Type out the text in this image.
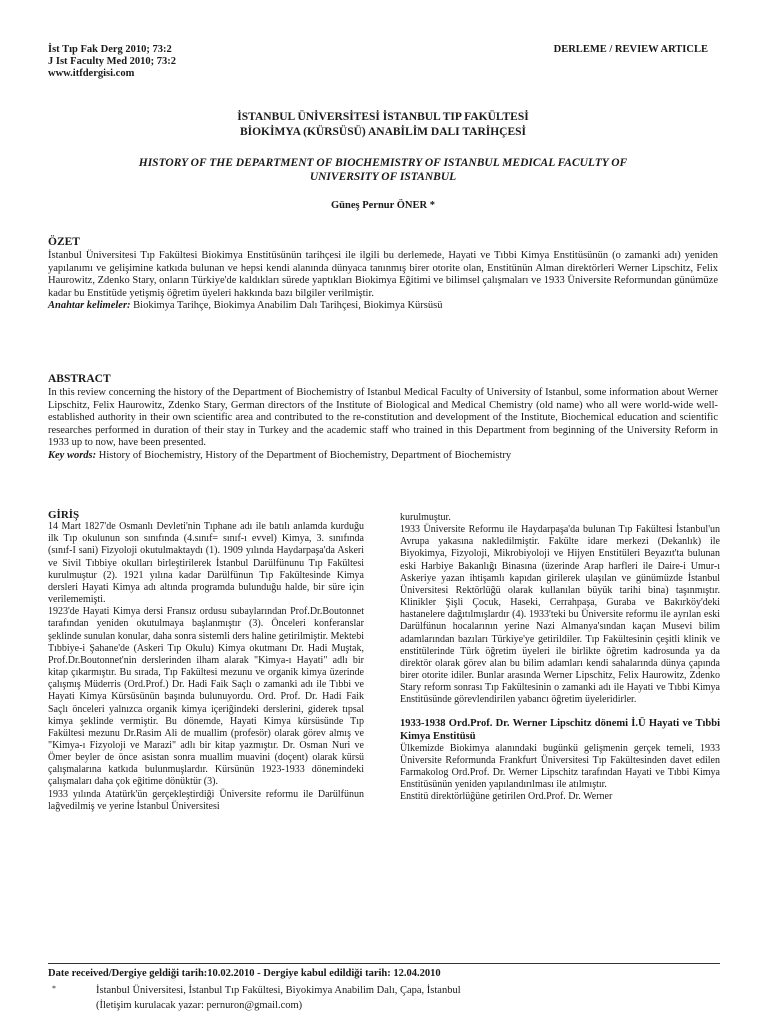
İst Tıp Fak Derg 2010; 73:2
J Ist Faculty Med 2010; 73:2
www.itfdergisi.com
DERLEME / REVIEW ARTICLE
İSTANBUL ÜNİVERSİTESİ İSTANBUL TIP FAKÜLTESİ
BİOKİMYA (KÜRSÜSÜ) ANABİLİM DALI TARİHÇESİ
HISTORY OF THE DEPARTMENT OF BIOCHEMISTRY OF ISTANBUL MEDICAL FACULTY OF
UNIVERSITY OF ISTANBUL
Güneş Pernur ÖNER *
ÖZET

İstanbul Üniversitesi Tıp Fakültesi Biokimya Enstitüsünün tarihçesi ile ilgili bu derlemede, Hayati ve Tıbbi Kimya Enstitüsünün (o zamanki adı) yeniden yapılanımı ve gelişimine katkıda bulunan ve hepsi kendi alanında dünyaca tanınmış birer otorite olan, Enstitünün Alman direktörleri Werner Lipschitz, Felix Haurowitz, Zdenko Stary, onların Türkiye'de kaldıkları sürede yaptıkları Biokimya Eğitimi ve bilimsel çalışmaları ve 1933 Üniversite Reformundan günümüze kadar bu Enstitüde yetişmiş öğretim üyeleri hakkında bazı bilgiler verilmiştir.

Anahtar kelimeler: Biokimya Tarihçe, Biokimya Anabilim Dalı Tarihçesi, Biokimya Kürsüsü

ABSTRACT

In this review concerning the history of the Department of Biochemistry of Istanbul Medical Faculty of University of Istanbul, some information about Werner Lipschitz, Felix Haurowitz, Zdenko Stary, German directors of the Institute of Biological and Medical Chemistry (old name) who all were world-wide well-established authority in their own scientific area and contributed to the re-constitution and development of the Institute, Biochemical education and scientific researches performed in duration of their stay in Turkey and the academic staff who trained in this Department from beginning of the University Reform in 1933 up to now, have been presented.

Key words: History of Biochemistry, History of the Department of Biochemistry, Department of Biochemistry

GİRİŞ

14 Mart 1827'de Osmanlı Devleti'nin Tıphane adı ile batılı anlamda kurduğu ilk Tıp okulunun son sınıfında (4.sınıf= sınıf-ı evvel) Kimya, 3. sınıfında (sınıf-I sani) Fizyoloji okutulmaktaydı (1). 1909 yılında Haydarpaşa'da Askeri ve Sivil Tıbbiye okulları birleştirilerek İstanbul Darülfünunu Tıp Fakültesi kurulmuştur (2). 1921 yılına kadar Darülfünun Tıp Fakültesinde Kimya dersleri Hayati Kimya adı altında programda bulunduğu halde, bir süre için verilememişti.

1923'de Hayati Kimya dersi Fransız ordusu subaylarından Prof.Dr.Boutonnet tarafından yeniden okutulmaya başlanmıştır (3). Önceleri konferanslar şeklinde sunulan konular, daha sonra sistemli ders haline getirilmiştir. Mektebi Tıbbiye-i Şahane'de (Askeri Tıp Okulu) Kimya okutmanı Dr. Hadi Muştak, Prof.Dr.Boutonnet'nin derslerinden ilham alarak "Kimya-ı Hayati" adlı bir kitap çıkarmıştır. Bu sırada, Tıp Fakültesi mezunu ve organik kimya üzerinde çalışmış Müderris (Ord.Prof.) Dr. Hadi Faik Saçlı o zamanki adı ile Tıbbi ve Hayati Kimya Kürsüsünün başında bulunuyordu. Ord. Prof. Dr. Hadi Faik Saçlı önceleri yalnızca organik kimya içeriğindeki derslerini, giderek tıpsal kimya şeklinde vermiştir. Bu dönemde, Hayati Kimya kürsüsünde Tıp Fakültesi mezunu Dr.Rasim Ali de muallim (profesör) olarak görev almış ve "Kimya-ı Fizyoloji ve Marazi" adlı bir kitap yazmıştır. Dr. Osman Nuri ve Ömer beyler de önce asistan sonra muallim muavini (doçent) olarak kürsü çalışmalarına katkıda bulunmuşlardır. Kürsünün 1923-1933 dönemindeki çalışmaları daha çok eğitime dönüktür (3).

1933 yılında Atatürk'ün gerçekleştirdiği Üniversite reformu ile Darülfünun lağvedilmiş ve yerine İstanbul Üniversitesi

kurulmuştur.

1933 Üniversite Reformu ile Haydarpaşa'da bulunan Tıp Fakültesi İstanbul'un Avrupa yakasına nakledilmiştir. Fakülte idare merkezi (Dekanlık) ile Biyokimya, Fizyoloji, Mikrobiyoloji ve Hijyen Enstitüleri Beyazıt'ta bulunan eski Harbiye Bakanlığı Binasına (üzerinde Arap harfleri ile Daire-i Umur-ı Askeriye yazan ihtişamlı kapıdan girilerek ulaşılan ve günümüzde İstanbul Üniversitesi Rektörlüğü olarak kullanılan büyük tarihi bina) taşınmıştır. Klinikler Şişli Çocuk, Haseki, Cerrahpaşa, Guraba ve Bakırköy'deki hastanelere dağıtılmışlardır (4). 1933'teki bu Üniversite reformu ile ayrılan eski Darülfünun hocalarının yerine Nazi Almanya'sından kaçan Musevi bilim adamlarından bazıları Türkiye'ye getirildiler. Tıp Fakültesinin çeşitli klinik ve enstitülerinde Türk öğretim üyeleri ile birlikte öğretim kadrosunda ya da direktör olarak görev alan bu bilim adamları kendi sahalarında dünya çapında birer otorite idiler. Bunlar arasında Werner Lipschitz, Felix Haurowitz, Zdenko Stary reform sonrası Tıp Fakültesinin o zamanki adı ile Hayati ve Tıbbi Kimya Enstitüsünde görevlendirilen yabancı öğretim üyeleridirler.

1933-1938 Ord.Prof. Dr. Werner Lipschitz dönemi İ.Ü Hayati ve Tıbbi Kimya Enstitüsü

Ülkemizde Biokimya alanındaki bugünkü gelişmenin gerçek temeli, 1933 Üniversite Reformunda Frankfurt Üniversitesi Tıp Fakültesinden davet edilen Farmakolog Ord.Prof. Dr. Werner Lipschitz tarafından Hayati ve Tıbbi Kimya Enstitüsünün yeniden yapılandırılması ile atılmıştır.

Enstitü direktörlüğüne getirilen Ord.Prof. Dr. Werner

Date received/Dergiye geldiği tarih:10.02.2010 - Dergiye kabul edildiği tarih: 12.04.2010
*	İstanbul Üniversitesi, İstanbul Tıp Fakültesi, Biyokimya Anabilim Dalı, Çapa, İstanbul
(İletişim kurulacak yazar: pernuron@gmail.com)
